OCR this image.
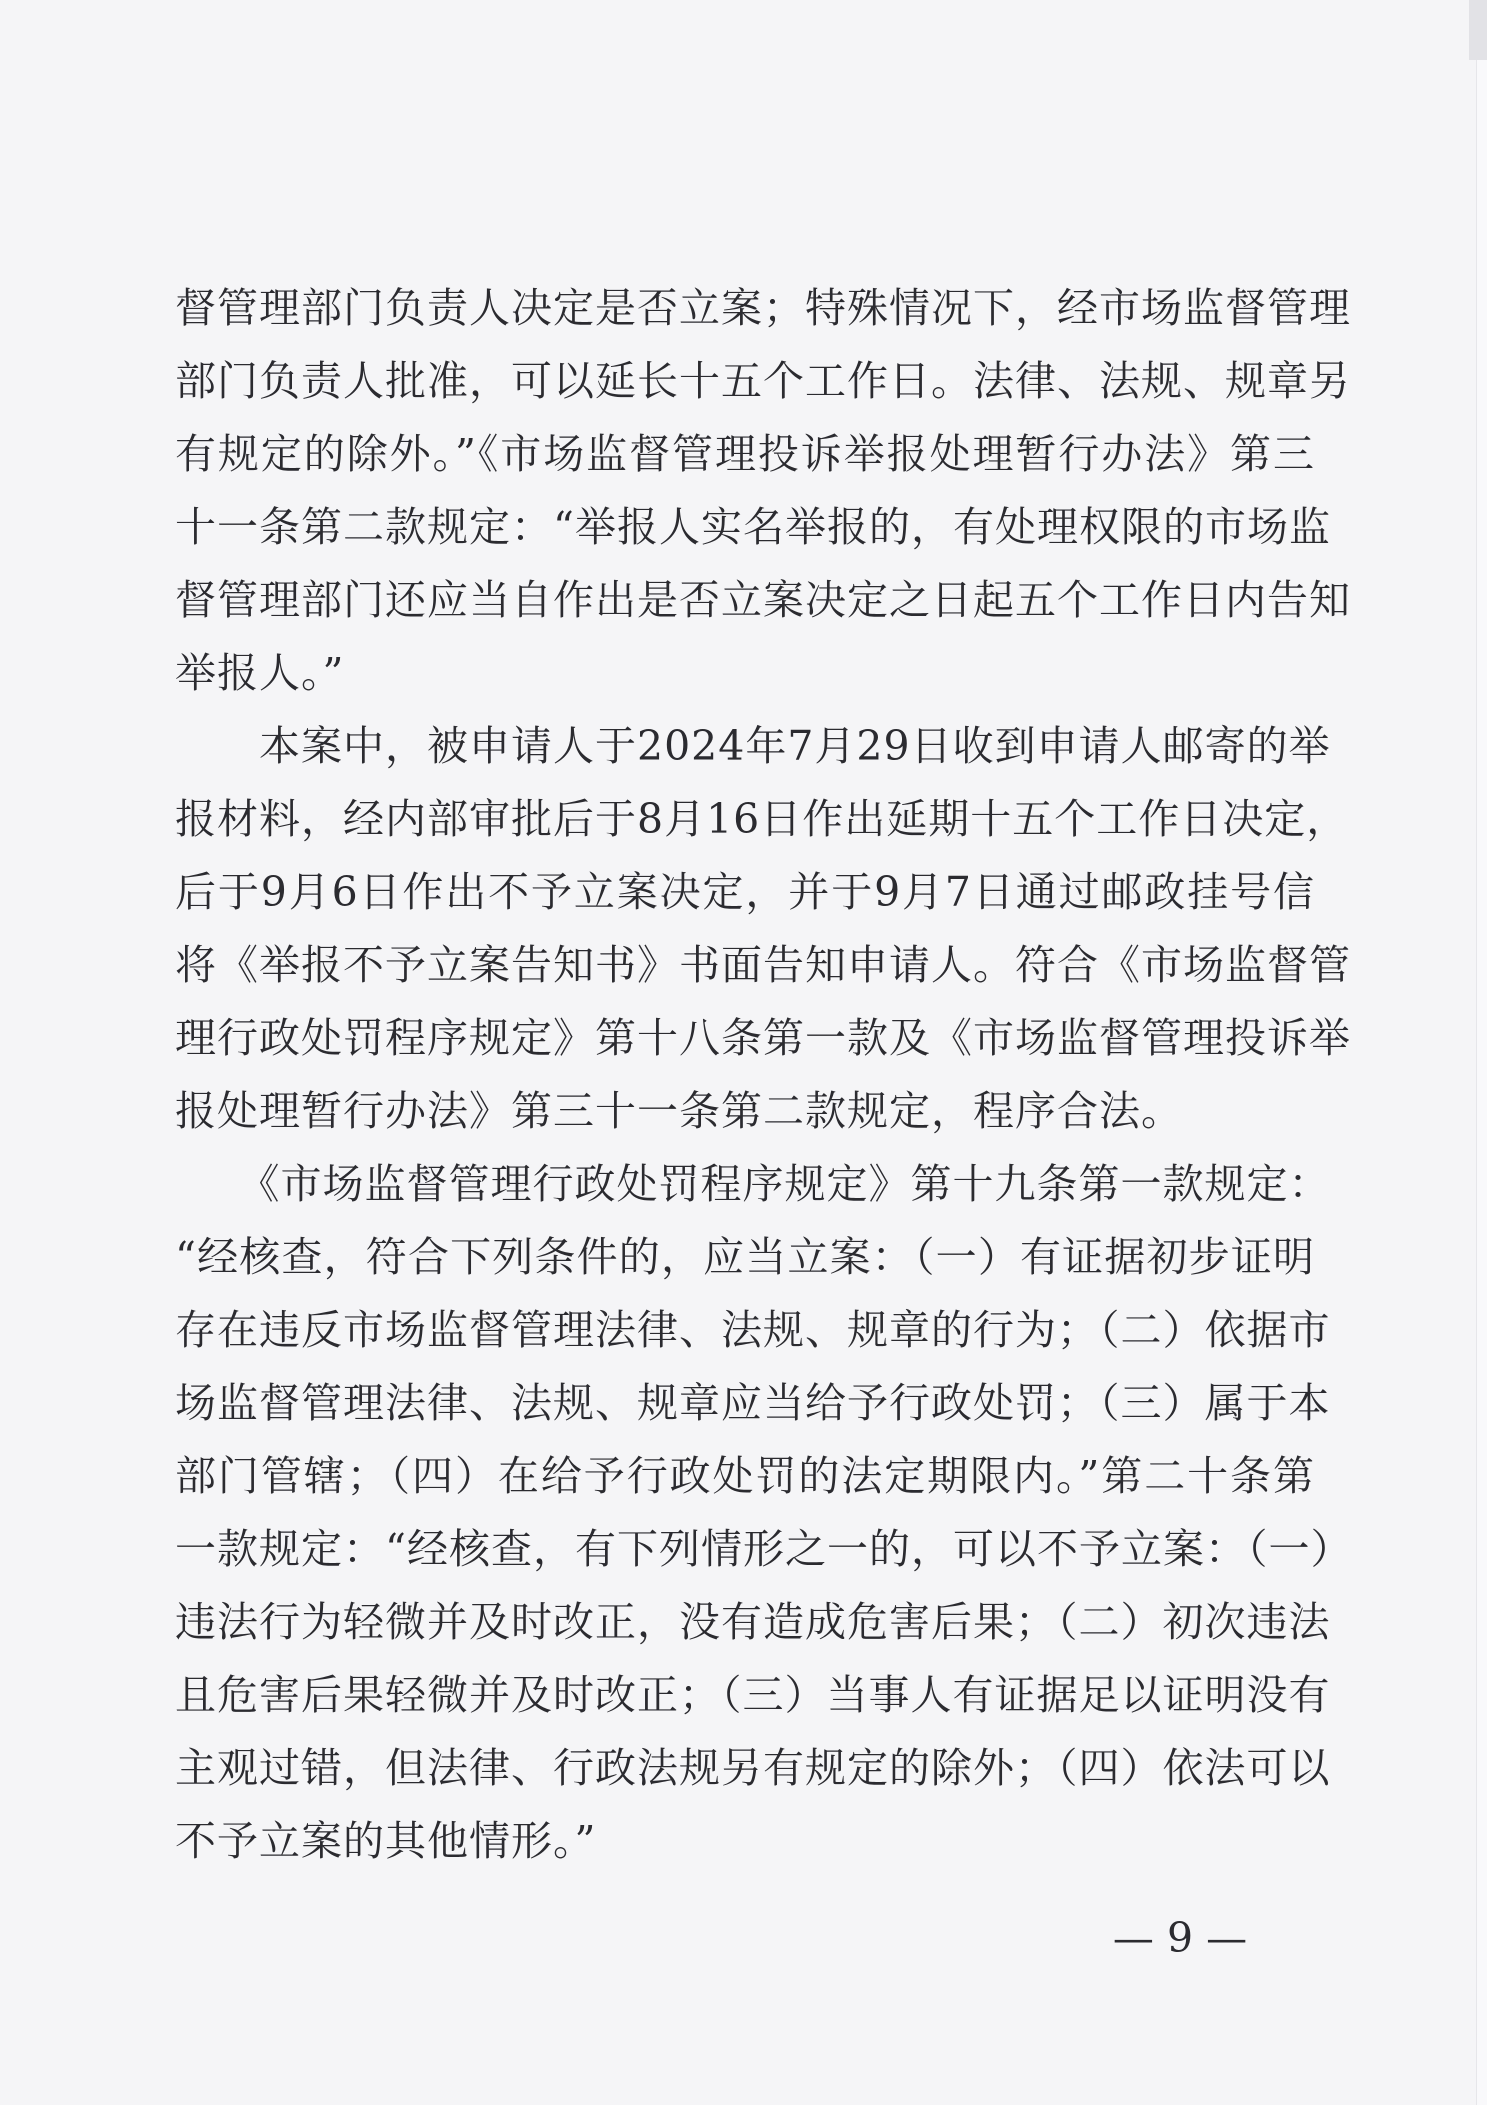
督管理部门负责人决定是否立案；特殊情况下，经市场监督管理
部门负责人批准，可以延长十五个工作日。法律、法规、规章另
有规定的除外。”《市场监督管理投诉举报处理暂行办法》第三
十一条第二款规定：“举报人实名举报的，有处理权限的市场监
督管理部门还应当自作出是否立案决定之日起五个工作日内告知
举报人。”
　　本案中，被申请人于2024年7月29日收到申请人邮寄的举
报材料，经内部审批后于8月16日作出延期十五个工作日决定，
后于9月6日作出不予立案决定，并于9月7日通过邮政挂号信
将《举报不予立案告知书》书面告知申请人。符合《市场监督管
理行政处罚程序规定》第十八条第一款及《市场监督管理投诉举
报处理暂行办法》第三十一条第二款规定，程序合法。
　　《市场监督管理行政处罚程序规定》第十九条第一款规定：
“经核查，符合下列条件的，应当立案：（一）有证据初步证明
存在违反市场监督管理法律、法规、规章的行为；（二）依据市
场监督管理法律、法规、规章应当给予行政处罚；（三）属于本
部门管辖；（四）在给予行政处罚的法定期限内。”第二十条第
一款规定：“经核查，有下列情形之一的，可以不予立案：（一）
违法行为轻微并及时改正，没有造成危害后果；（二）初次违法
且危害后果轻微并及时改正；（三）当事人有证据足以证明没有
主观过错，但法律、行政法规另有规定的除外；（四）依法可以
不予立案的其他情形。”
— 9 —
